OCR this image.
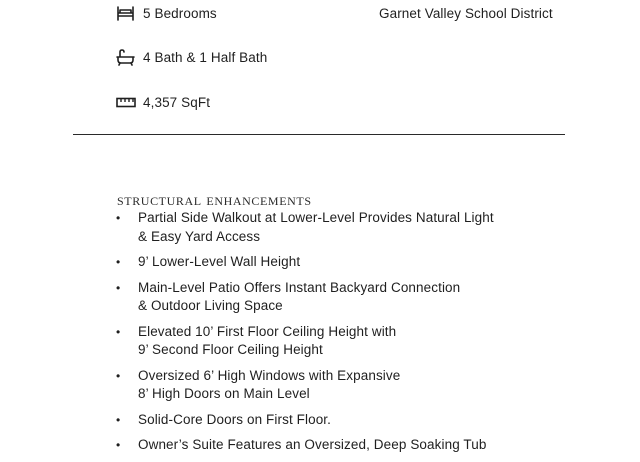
5 Bedrooms	Garnet Valley School District
4 Bath & 1 Half Bath
4,357 SqFt
structural enhancements
• Partial Side Walkout at Lower-Level Provides Natural Light
& Easy Yard Access
• 9’ Lower-Level Wall Height
• Main-Level Patio Offers Instant Backyard Connection
& Outdoor Living Space
• Elevated 10’ First Floor Ceiling Height with
9’ Second Floor Ceiling Height
• Oversized 6’ High Windows with Expansive
8’ High Doors on Main Level
• Solid-Core Doors on First Floor.
• Owner’s Suite Features an Oversized, Deep Soaking Tub
